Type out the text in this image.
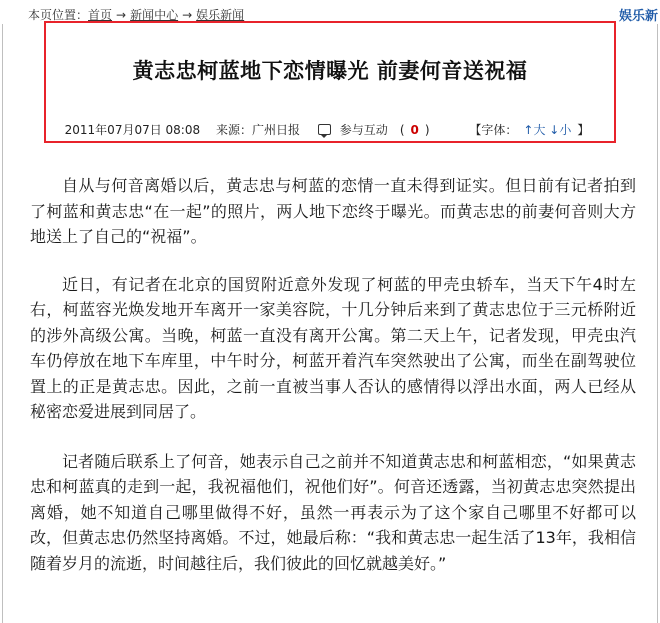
本页位置：首页 → 新闻中心 → 娱乐新闻	娱乐新
黄志忠柯蓝地下恋情曝光 前妻何音送祝福
2011年07月07日 08:08 来源：广州日报	参与互动 ( 0 )	【字体： ↑大 ↓小 】

自从与何音离婚以后，黄志忠与柯蓝的恋情一直未得到证实。但日前有记者拍到了柯蓝和黄志忠“在一起”的照片，两人地下恋终于曝光。而黄志忠的前妻何音则大方地送上了自己的“祝福”。

近日，有记者在北京的国贸附近意外发现了柯蓝的甲壳虫轿车，当天下午4时左右，柯蓝容光焕发地开车离开一家美容院，十几分钟后来到了黄志忠位于三元桥附近的涉外高级公寓。当晚，柯蓝一直没有离开公寓。第二天上午，记者发现，甲壳虫汽车仍停放在地下车库里，中午时分，柯蓝开着汽车突然驶出了公寓，而坐在副驾驶位置上的正是黄志忠。因此，之前一直被当事人否认的感情得以浮出水面，两人已经从秘密恋爱进展到同居了。

记者随后联系上了何音，她表示自己之前并不知道黄志忠和柯蓝相恋，“如果黄志忠和柯蓝真的走到一起，我祝福他们，祝他们好”。何音还透露，当初黄志忠突然提出离婚，她不知道自己哪里做得不好，虽然一再表示为了这个家自己哪里不好都可以改，但黄志忠仍然坚持离婚。不过，她最后称：“我和黄志忠一起生活了13年，我相信随着岁月的流逝，时间越往后，我们彼此的回忆就越美好。”
